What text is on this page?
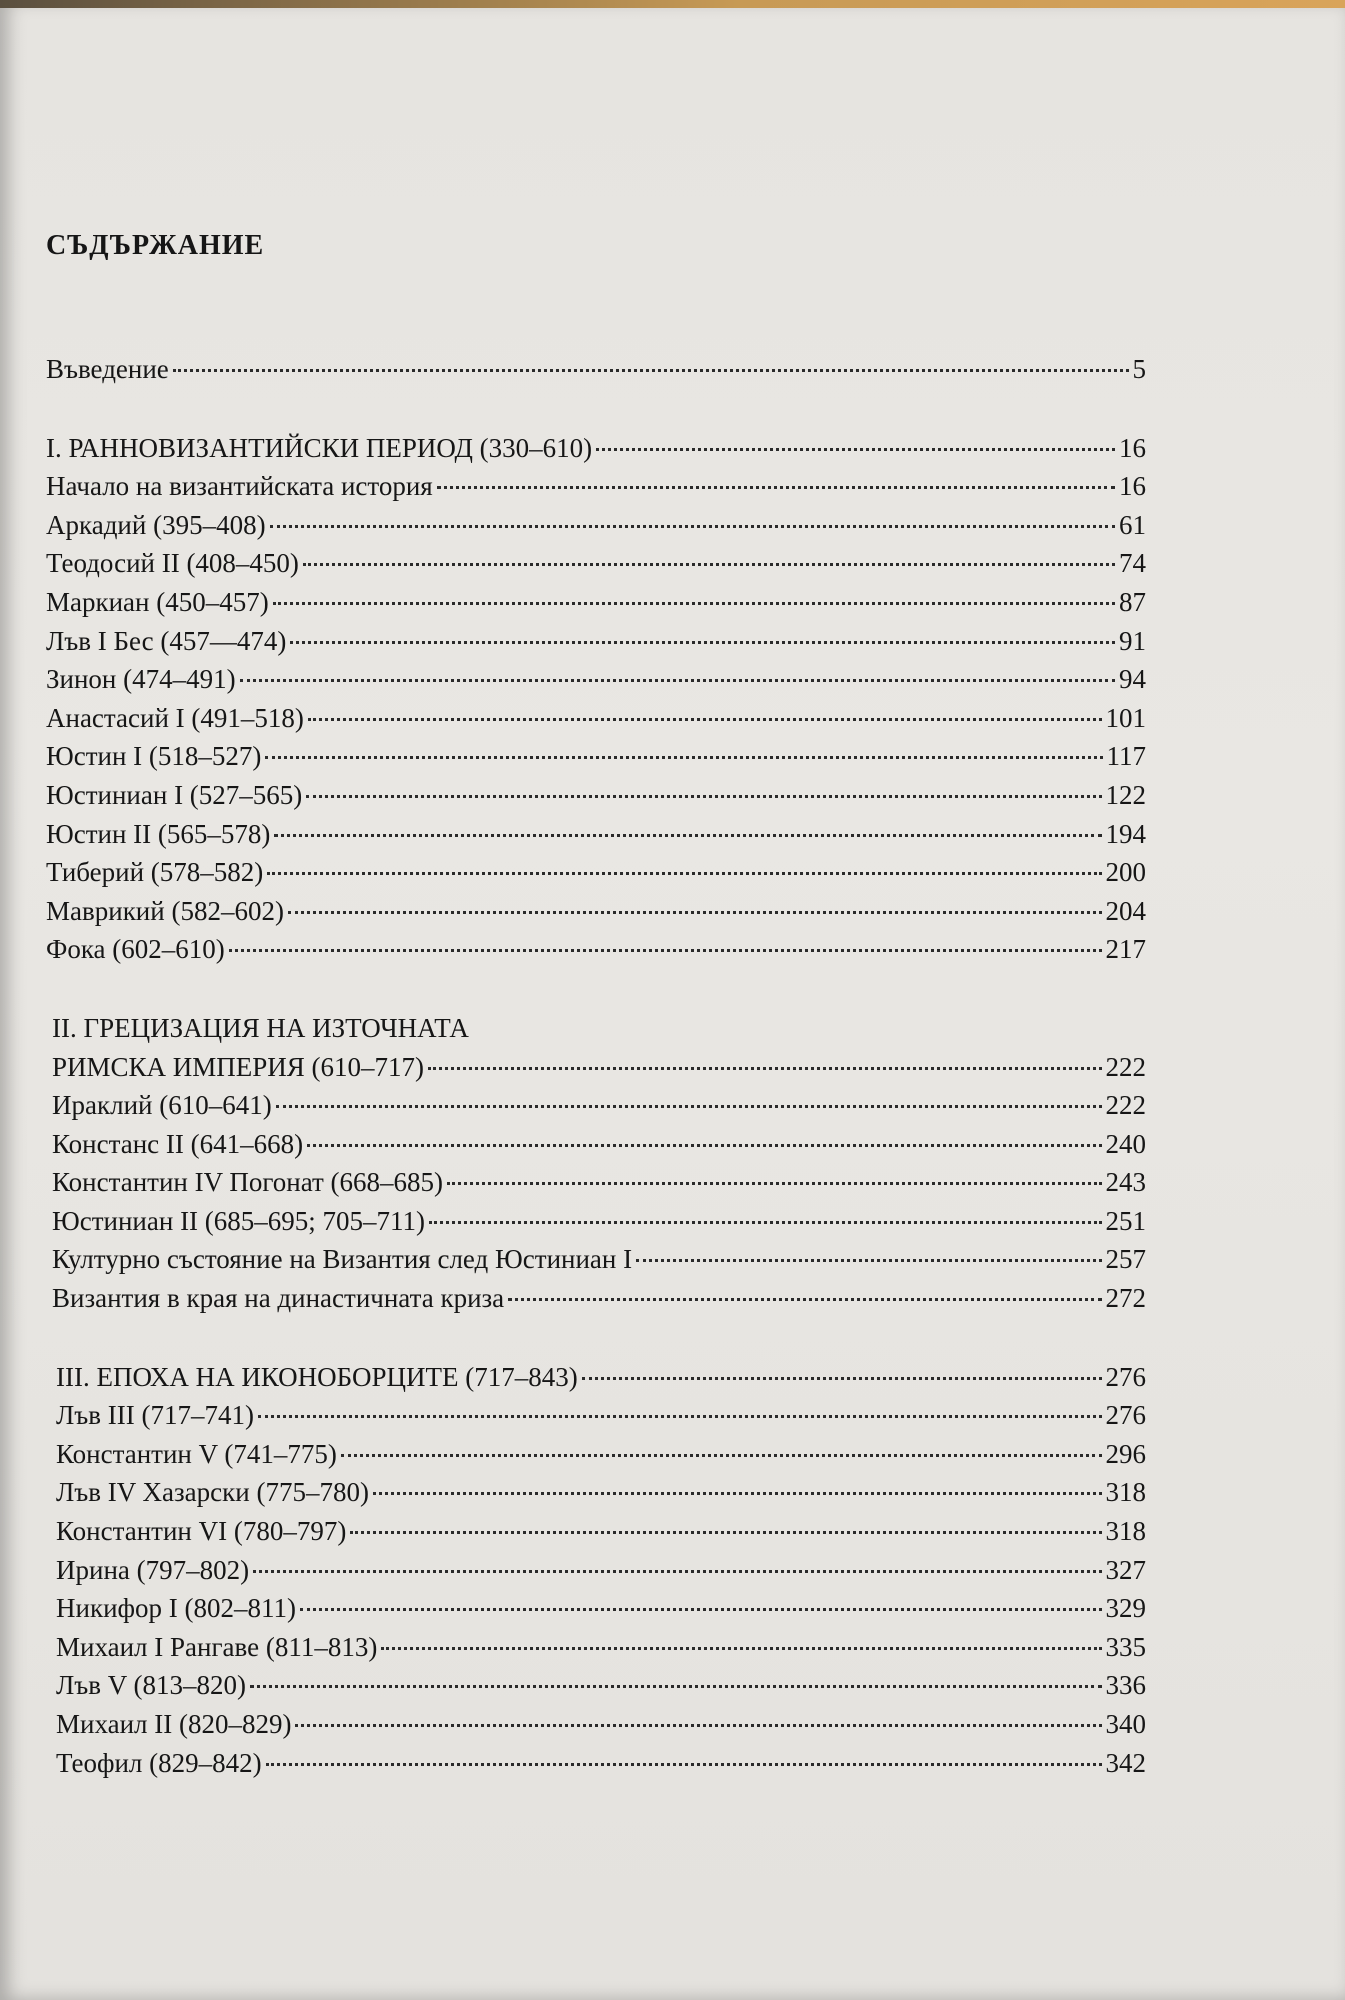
СЪДЪРЖАНИЕ
Въведение	5
I. РАННОВИЗАНТИЙСКИ ПЕРИОД (330–610)	16
Начало на византийската история	16
Аркадий (395–408)	61
Теодосий II (408–450)	74
Маркиан (450–457)	87
Лъв I Бес (457—474)	91
Зинон (474–491)	94
Анастасий I (491–518)	101
Юстин I (518–527)	117
Юстиниан I (527–565)	122
Юстин II (565–578)	194
Тиберий (578–582)	200
Маврикий (582–602)	204
Фока (602–610)	217
II. ГРЕЦИЗАЦИЯ НА ИЗТОЧНАТА
РИМСКА ИМПЕРИЯ (610–717)	222
Ираклий (610–641)	222
Констанс II (641–668)	240
Константин IV Погонат (668–685)	243
Юстиниан II (685–695; 705–711)	251
Културно състояние на Византия след Юстиниан I	257
Византия в края на династичната криза	272
III. ЕПОХА НА ИКОНОБОРЦИТЕ (717–843)	276
Лъв III (717–741)	276
Константин V (741–775)	296
Лъв IV Хазарски (775–780)	318
Константин VI (780–797)	318
Ирина (797–802)	327
Никифор I (802–811)	329
Михаил I Рангаве (811–813)	335
Лъв V (813–820)	336
Михаил II (820–829)	340
Теофил (829–842)	342
